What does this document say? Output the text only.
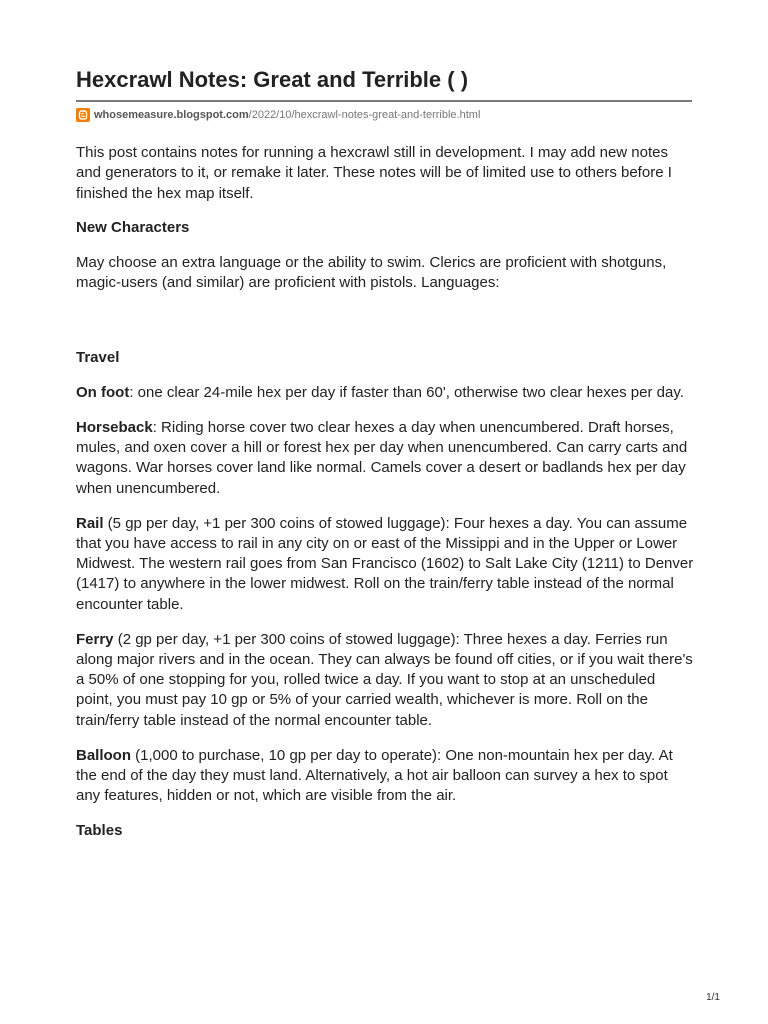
Hexcrawl Notes: Great and Terrible ( )
whosemeasure.blogspot.com /2022/10/hexcrawl-notes-great-and-terrible.html

This post contains notes for running a hexcrawl still in development. I may add new notes and generators to it, or remake it later. These notes will be of limited use to others before I finished the hex map itself.

New Characters

May choose an extra language or the ability to swim. Clerics are proficient with shotguns, magic-users (and similar) are proficient with pistols. Languages:

Travel

On foot: one clear 24-mile hex per day if faster than 60', otherwise two clear hexes per day.

Horseback: Riding horse cover two clear hexes a day when unencumbered. Draft horses, mules, and oxen cover a hill or forest hex per day when unencumbered. Can carry carts and wagons. War horses cover land like normal. Camels cover a desert or badlands hex per day when unencumbered.

Rail (5 gp per day, +1 per 300 coins of stowed luggage): Four hexes a day. You can assume that you have access to rail in any city on or east of the Missippi and in the Upper or Lower Midwest. The western rail goes from San Francisco (1602) to Salt Lake City (1211) to Denver (1417) to anywhere in the lower midwest. Roll on the train/ferry table instead of the normal encounter table.

Ferry (2 gp per day, +1 per 300 coins of stowed luggage): Three hexes a day. Ferries run along major rivers and in the ocean. They can always be found off cities, or if you wait there's a 50% of one stopping for you, rolled twice a day. If you want to stop at an unscheduled point, you must pay 10 gp or 5% of your carried wealth, whichever is more. Roll on the train/ferry table instead of the normal encounter table.

Balloon (1,000 to purchase, 10 gp per day to operate): One non-mountain hex per day. At the end of the day they must land. Alternatively, a hot air balloon can survey a hex to spot any features, hidden or not, which are visible from the air.

Tables
1/1
